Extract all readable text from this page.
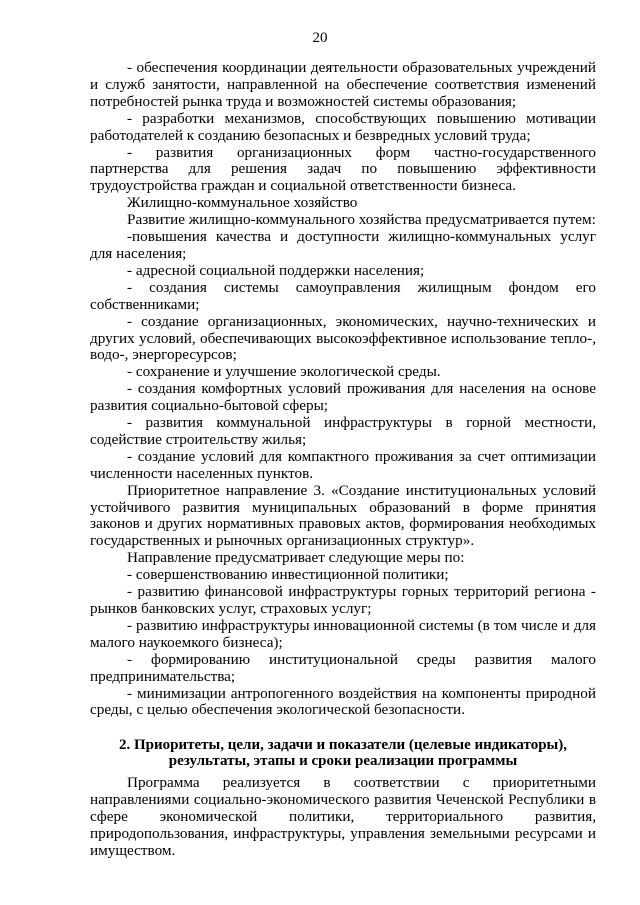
20

- обеспечения координации деятельности образовательных учреждений и служб занятости, направленной на обеспечение соответствия изменений потребностей рынка труда и возможностей системы образования;

- разработки механизмов, способствующих повышению мотивации работодателей к созданию безопасных и безвредных условий труда;

- развития организационных форм частно-государственного партнерства для решения задач по повышению эффективности трудоустройства граждан и социальной ответственности бизнеса.

Жилищно-коммунальное хозяйство

Развитие жилищно-коммунального хозяйства предусматривается путем:

-повышения качества и доступности жилищно-коммунальных услуг для населения;

- адресной социальной поддержки населения;

- создания системы самоуправления жилищным фондом его собственниками;

- создание организационных, экономических, научно-технических и других условий, обеспечивающих высокоэффективное использование тепло-, водо-, энергоресурсов;

- сохранение и улучшение экологической среды.

- создания комфортных условий проживания для населения на основе развития социально-бытовой сферы;

- развития коммунальной инфраструктуры в горной местности, содействие строительству жилья;

- создание условий для компактного проживания за счет оптимизации численности населенных пунктов.

Приоритетное направление 3. «Создание институциональных условий устойчивого развития муниципальных образований в форме принятия законов и других нормативных правовых актов, формирования необходимых государственных и рыночных организационных структур».

Направление предусматривает следующие меры по:

- совершенствованию инвестиционной политики;

- развитию финансовой инфраструктуры горных территорий региона - рынков банковских услуг, страховых услуг;

- развитию инфраструктуры инновационной системы (в том числе и для малого наукоемкого бизнеса);

- формированию институциональной среды развития малого предпринимательства;

- минимизации антропогенного воздействия на компоненты природной среды, с целью обеспечения экологической безопасности.

2. Приоритеты, цели, задачи и показатели (целевые индикаторы), результаты, этапы и сроки реализации программы

Программа реализуется в соответствии с приоритетными направлениями социально-экономического развития Чеченской Республики в сфере экономической политики, территориального развития, природопользования, инфраструктуры, управления земельными ресурсами и имуществом.
